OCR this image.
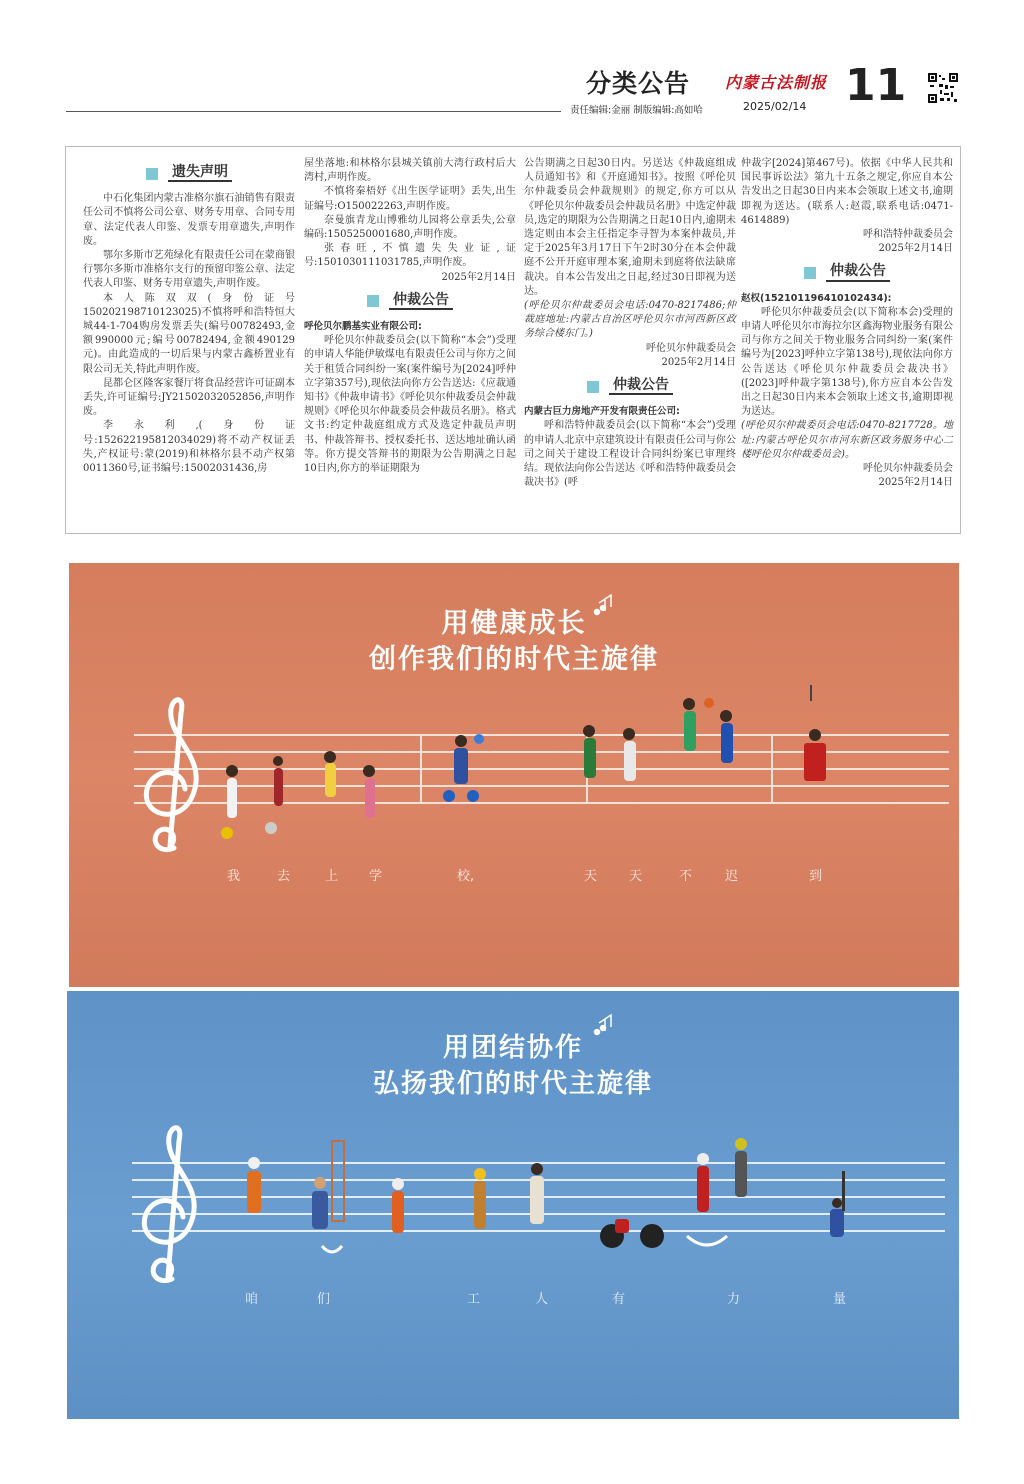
分类公告 内蒙古法制报 11
责任编辑:金丽 制版编辑:高如哈	2025/02/14
遗失声明

中石化集团内蒙古准格尔旗石油销售有限责任公司不慎将公司公章、财务专用章、合同专用章、法定代表人印鉴、发票专用章遗失,声明作废。

鄂尔多斯市艺苑绿化有限责任公司在蒙商银行鄂尔多斯市准格尔支行的预留印鉴公章、法定代表人印鉴、财务专用章遗失,声明作废。

本人陈双双(身份证号150202198710123025)不慎将呼和浩特恒大城44-1-704购房发票丢失(编号00782493,金额990000元;编号00782494,金额490129元)。由此造成的一切后果与内蒙古鑫桥置业有限公司无关,特此声明作废。

昆都仑区隆客家餐厅将食品经营许可证副本丢失,许可证编号:JY21502032052856,声明作废。

李永利,(身份证号:152622195812034029)将不动产权证丢失,产权证号:蒙(2019)和林格尔县不动产权第0011360号,证书编号:15002031436,房

屋坐落地:和林格尔县城关镇前大湾行政村后大湾村,声明作废。

不慎将秦梧妤《出生医学证明》丢失,出生证编号:O150022263,声明作废。

奈曼旗青龙山博雅幼儿园将公章丢失,公章编码:1505250001680,声明作废。

张春旺,不慎遗失失业证,证号:1501030111031785,声明作废。

2025年2月14日

仲裁公告

呼伦贝尔鹏基实业有限公司:

呼伦贝尔仲裁委员会(以下简称“本会”)受理的申请人华能伊敏煤电有限责任公司与你方之间关于租赁合同纠纷一案(案件编号为[2024]呼仲立字第357号),现依法向你方公告送达:《应裁通知书》《仲裁申请书》《呼伦贝尔仲裁委员会仲裁规则》《呼伦贝尔仲裁委员会仲裁员名册》。格式文书:约定仲裁庭组成方式及选定仲裁员声明书、仲裁答辩书、授权委托书、送达地址确认函等。你方提交答辩书的期限为公告期满之日起10日内,你方的举证期限为

公告期满之日起30日内。另送达《仲裁庭组成人员通知书》和《开庭通知书》。按照《呼伦贝尔仲裁委员会仲裁规则》的规定,你方可以从《呼伦贝尔仲裁委员会仲裁员名册》中选定仲裁员,选定的期限为公告期满之日起10日内,逾期未选定则由本会主任指定李寻智为本案仲裁员,并定于2025年3月17日下午2时30分在本会仲裁庭不公开开庭审理本案,逾期未到庭将依法缺席裁决。自本公告发出之日起,经过30日即视为送达。

(呼伦贝尔仲裁委员会电话:0470-8217486;仲裁庭地址:内蒙古自治区呼伦贝尔市河西新区政务综合楼东门。)

呼伦贝尔仲裁委员会

2025年2月14日

仲裁公告

内蒙古巨力房地产开发有限责任公司:

呼和浩特仲裁委员会(以下简称“本会”)受理的申请人北京中京建筑设计有限责任公司与你公司之间关于建设工程设计合同纠纷案已审理终结。现依法向你公告送达《呼和浩特仲裁委员会裁决书》(呼

仲裁字[2024]第467号)。依据《中华人民共和国民事诉讼法》第九十五条之规定,你应自本公告发出之日起30日内来本会领取上述文书,逾期即视为送达。(联系人:赵霞,联系电话:0471-4614889)

呼和浩特仲裁委员会

2025年2月14日

仲裁公告

赵权(152101196410102434):

呼伦贝尔仲裁委员会(以下简称本会)受理的申请人呼伦贝尔市海拉尔区鑫海物业服务有限公司与你方之间关于物业服务合同纠纷一案(案件编号为[2023]呼仲立字第138号),现依法向你方公告送达《呼伦贝尔仲裁委员会裁决书》([2023]呼仲裁字第138号),你方应自本公告发出之日起30日内来本会领取上述文书,逾期即视为送达。

(呼伦贝尔仲裁委员会电话:0470-8217728。地址:内蒙古呼伦贝尔市河东新区政务服务中心二楼呼伦贝尔仲裁委员会)。

呼伦贝尔仲裁委员会

2025年2月14日

用健康成长
创作我们的时代主旋律
我	去	上 学	校,	天 天	不	迟	到
用团结协作
弘扬我们的时代主旋律
咱	们	工	人	有	力	量
